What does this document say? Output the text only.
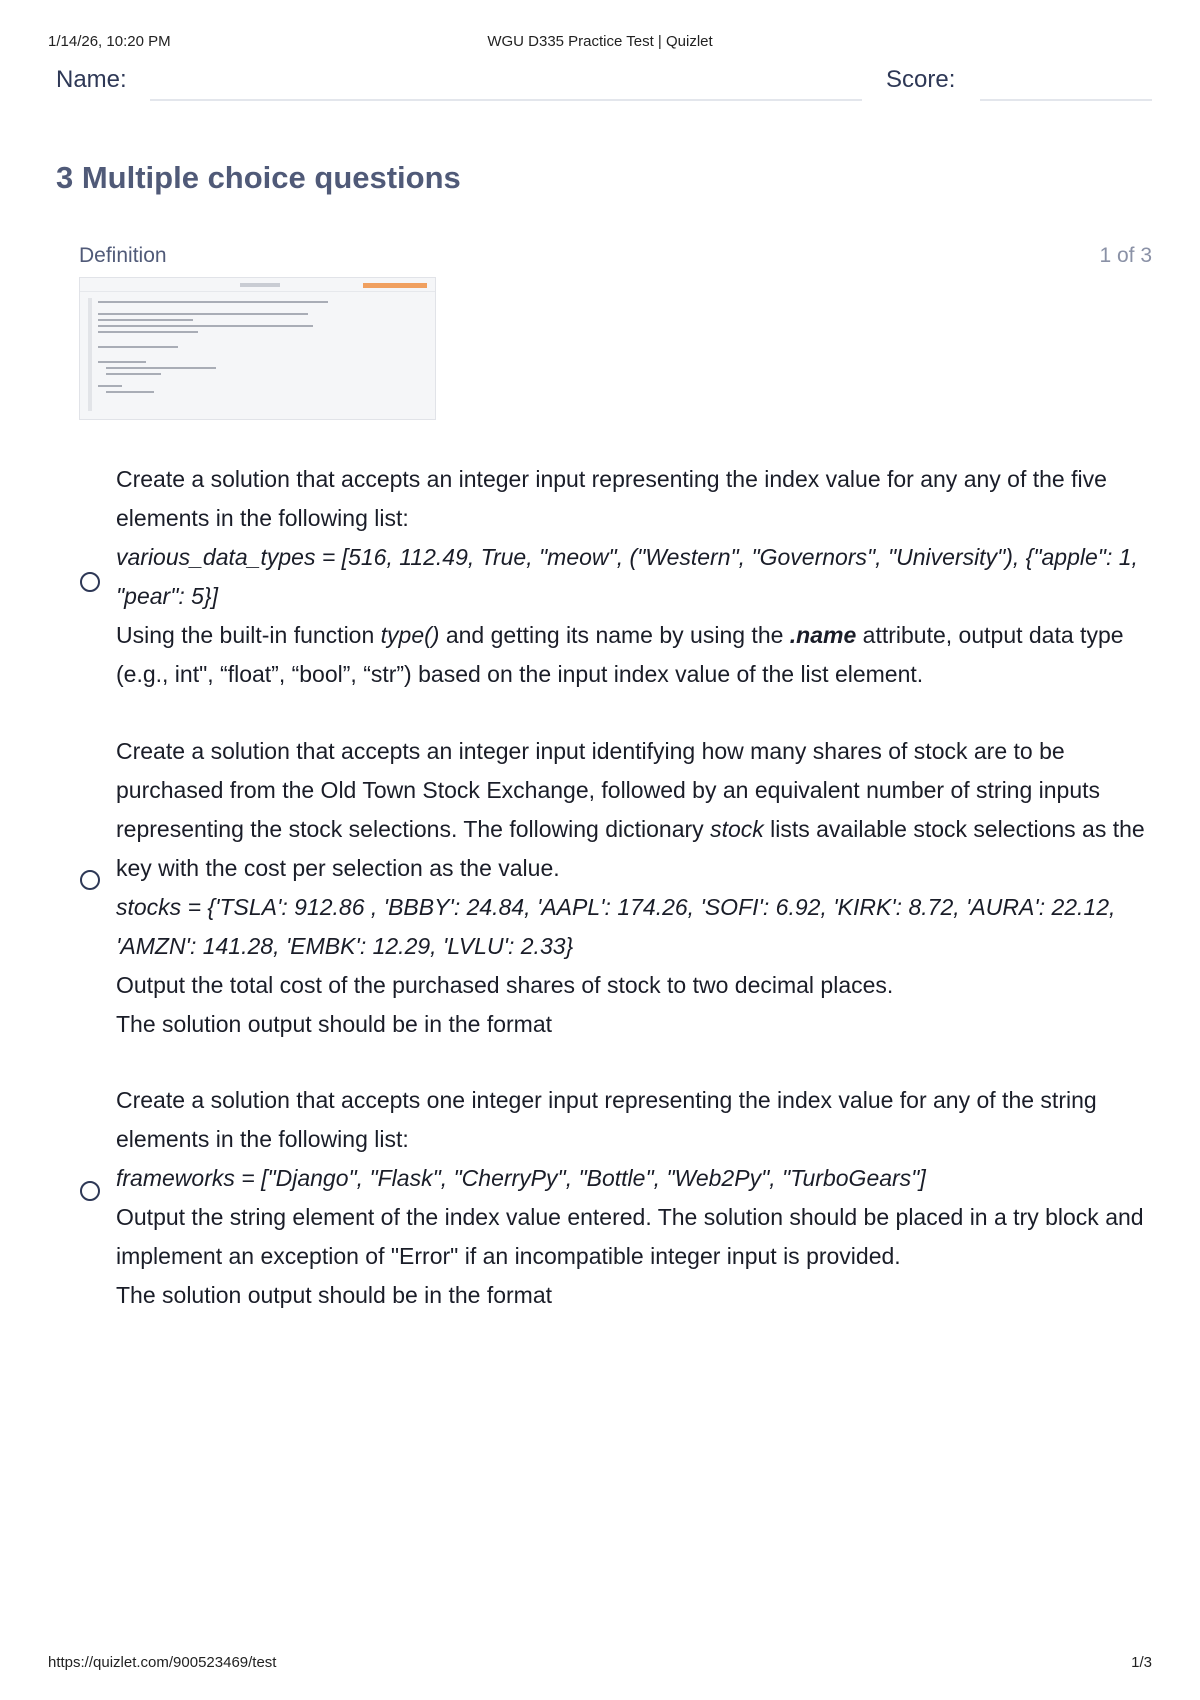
1/14/26, 10:20 PM	WGU D335 Practice Test | Quizlet
Name:	Score:
3 Multiple choice questions
Definition	1 of 3

Create a solution that accepts an integer input representing the index value for any any of the five elements in the following list:

various_data_types = [516, 112.49, True, "meow", ("Western", "Governors", "University"), {"apple": 1, "pear": 5}]

Using the built-in function type() and getting its name by using the .name attribute, output data type (e.g., int", “float”, “bool”, “str”) based on the input index value of the list element.

Create a solution that accepts an integer input identifying how many shares of stock are to be purchased from the Old Town Stock Exchange, followed by an equivalent number of string inputs representing the stock selections. The following dictionary stock lists available stock selections as the key with the cost per selection as the value.

stocks = {'TSLA': 912.86 , 'BBBY': 24.84, 'AAPL': 174.26, 'SOFI': 6.92, 'KIRK': 8.72, 'AURA': 22.12, 'AMZN': 141.28, 'EMBK': 12.29, 'LVLU': 2.33}

Output the total cost of the purchased shares of stock to two decimal places.

The solution output should be in the format

Create a solution that accepts one integer input representing the index value for any of the string elements in the following list:

frameworks = ["Django", "Flask", "CherryPy", "Bottle", "Web2Py", "TurboGears"]

Output the string element of the index value entered. The solution should be placed in a try block and implement an exception of "Error" if an incompatible integer input is provided.

The solution output should be in the format

https://quizlet.com/900523469/test	1/3
